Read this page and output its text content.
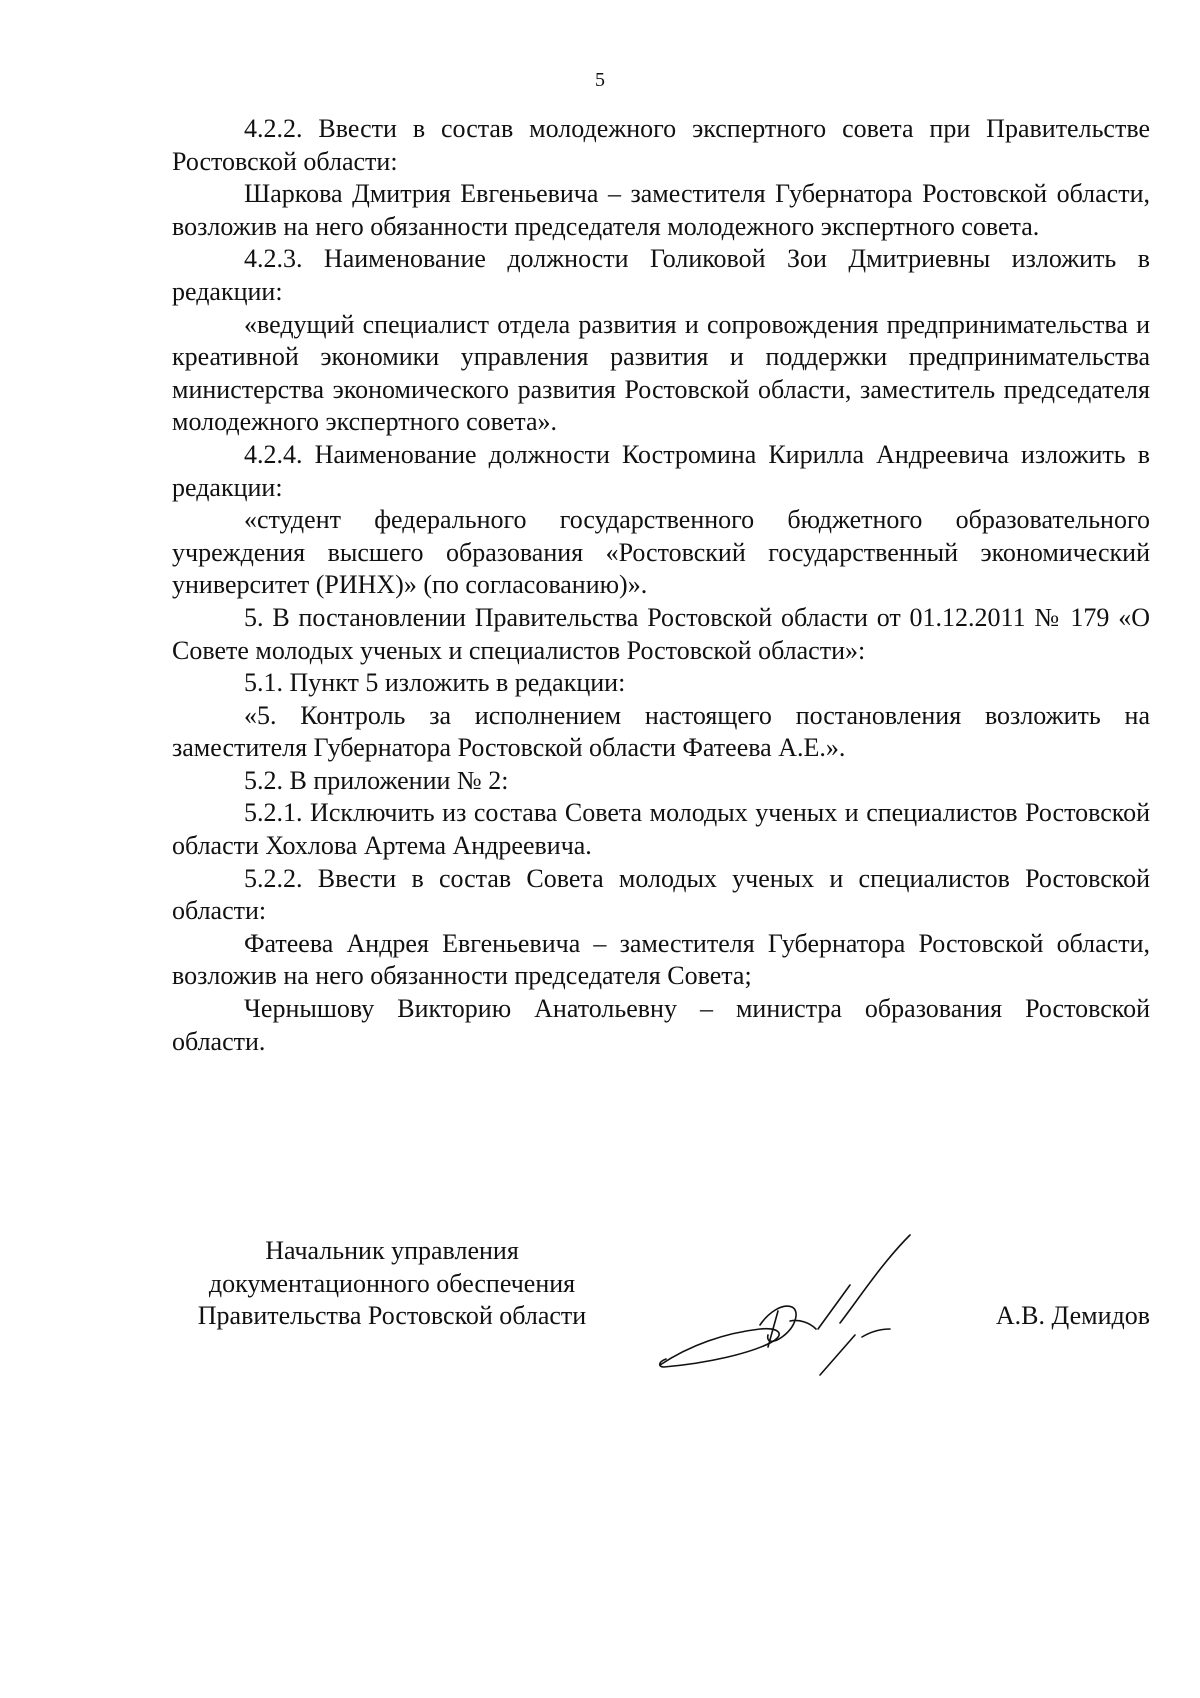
5

4.2.2. Ввести в состав молодежного экспертного совета при Правительстве Ростовской области:

Шаркова Дмитрия Евгеньевича – заместителя Губернатора Ростовской области, возложив на него обязанности председателя молодежного экспертного совета.

4.2.3. Наименование должности Голиковой Зои Дмитриевны изложить в редакции:

«ведущий специалист отдела развития и сопровождения предпринимательства и креативной экономики управления развития и поддержки предпринимательства министерства экономического развития Ростовской области, заместитель председателя молодежного экспертного совета».

4.2.4. Наименование должности Костромина Кирилла Андреевича изложить в редакции:

«студент федерального государственного бюджетного образовательного учреждения высшего образования «Ростовский государственный экономический университет (РИНХ)» (по согласованию)».

5. В постановлении Правительства Ростовской области от 01.12.2011 № 179 «О Совете молодых ученых и специалистов Ростовской области»:

5.1. Пункт 5 изложить в редакции:

«5. Контроль за исполнением настоящего постановления возложить на заместителя Губернатора Ростовской области Фатеева А.Е.».

5.2. В приложении № 2:

5.2.1. Исключить из состава Совета молодых ученых и специалистов Ростовской области Хохлова Артема Андреевича.

5.2.2. Ввести в состав Совета молодых ученых и специалистов Ростовской области:

Фатеева Андрея Евгеньевича – заместителя Губернатора Ростовской области, возложив на него обязанности председателя Совета;

Чернышову Викторию Анатольевну – министра образования Ростовской области.

Начальник управления
документационного обеспечения
Правительства Ростовской области	А.В. Демидов
